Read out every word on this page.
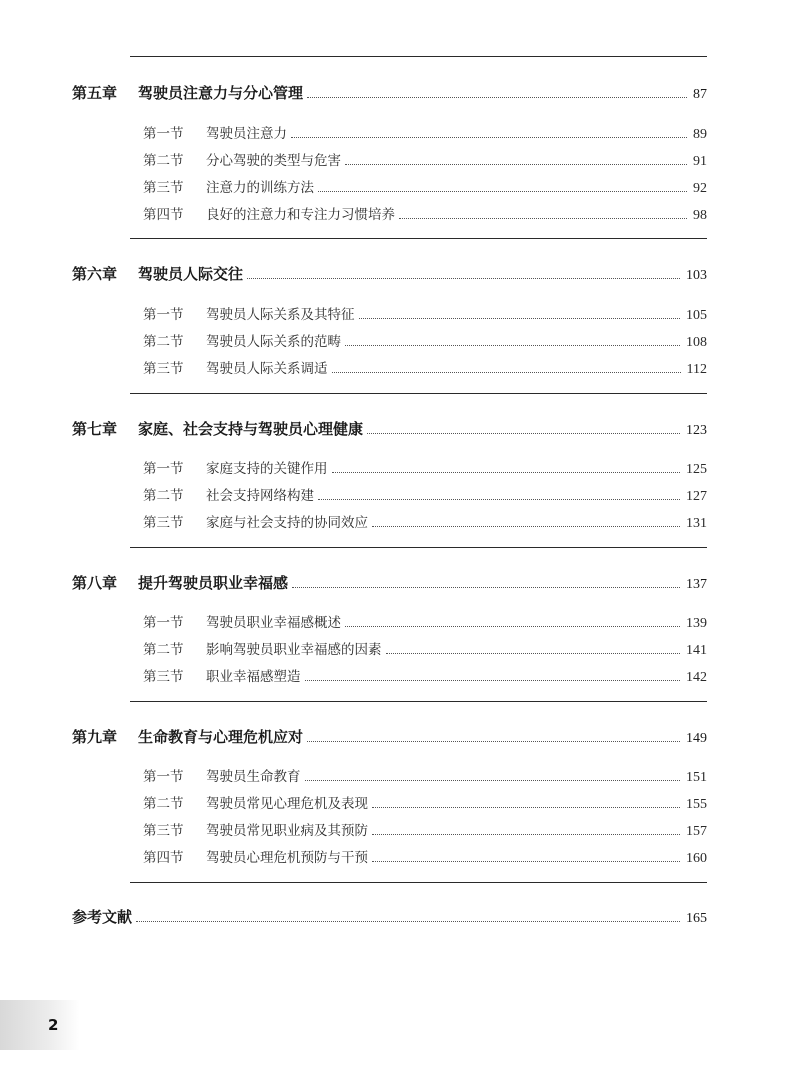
第五章	驾驶员注意力与分心管理	87
第一节	驾驶员注意力	89
第二节	分心驾驶的类型与危害	91
第三节	注意力的训练方法	92
第四节	良好的注意力和专注力习惯培养	98
第六章	驾驶员人际交往	103
第一节	驾驶员人际关系及其特征	105
第二节	驾驶员人际关系的范畴	108
第三节	驾驶员人际关系调适	112
第七章	家庭、社会支持与驾驶员心理健康	123
第一节	家庭支持的关键作用	125
第二节	社会支持网络构建	127
第三节	家庭与社会支持的协同效应	131
第八章	提升驾驶员职业幸福感	137
第一节	驾驶员职业幸福感概述	139
第二节	影响驾驶员职业幸福感的因素	141
第三节	职业幸福感塑造	142
第九章	生命教育与心理危机应对	149
第一节	驾驶员生命教育	151
第二节	驾驶员常见心理危机及表现	155
第三节	驾驶员常见职业病及其预防	157
第四节	驾驶员心理危机预防与干预	160
参考文献	165
2
